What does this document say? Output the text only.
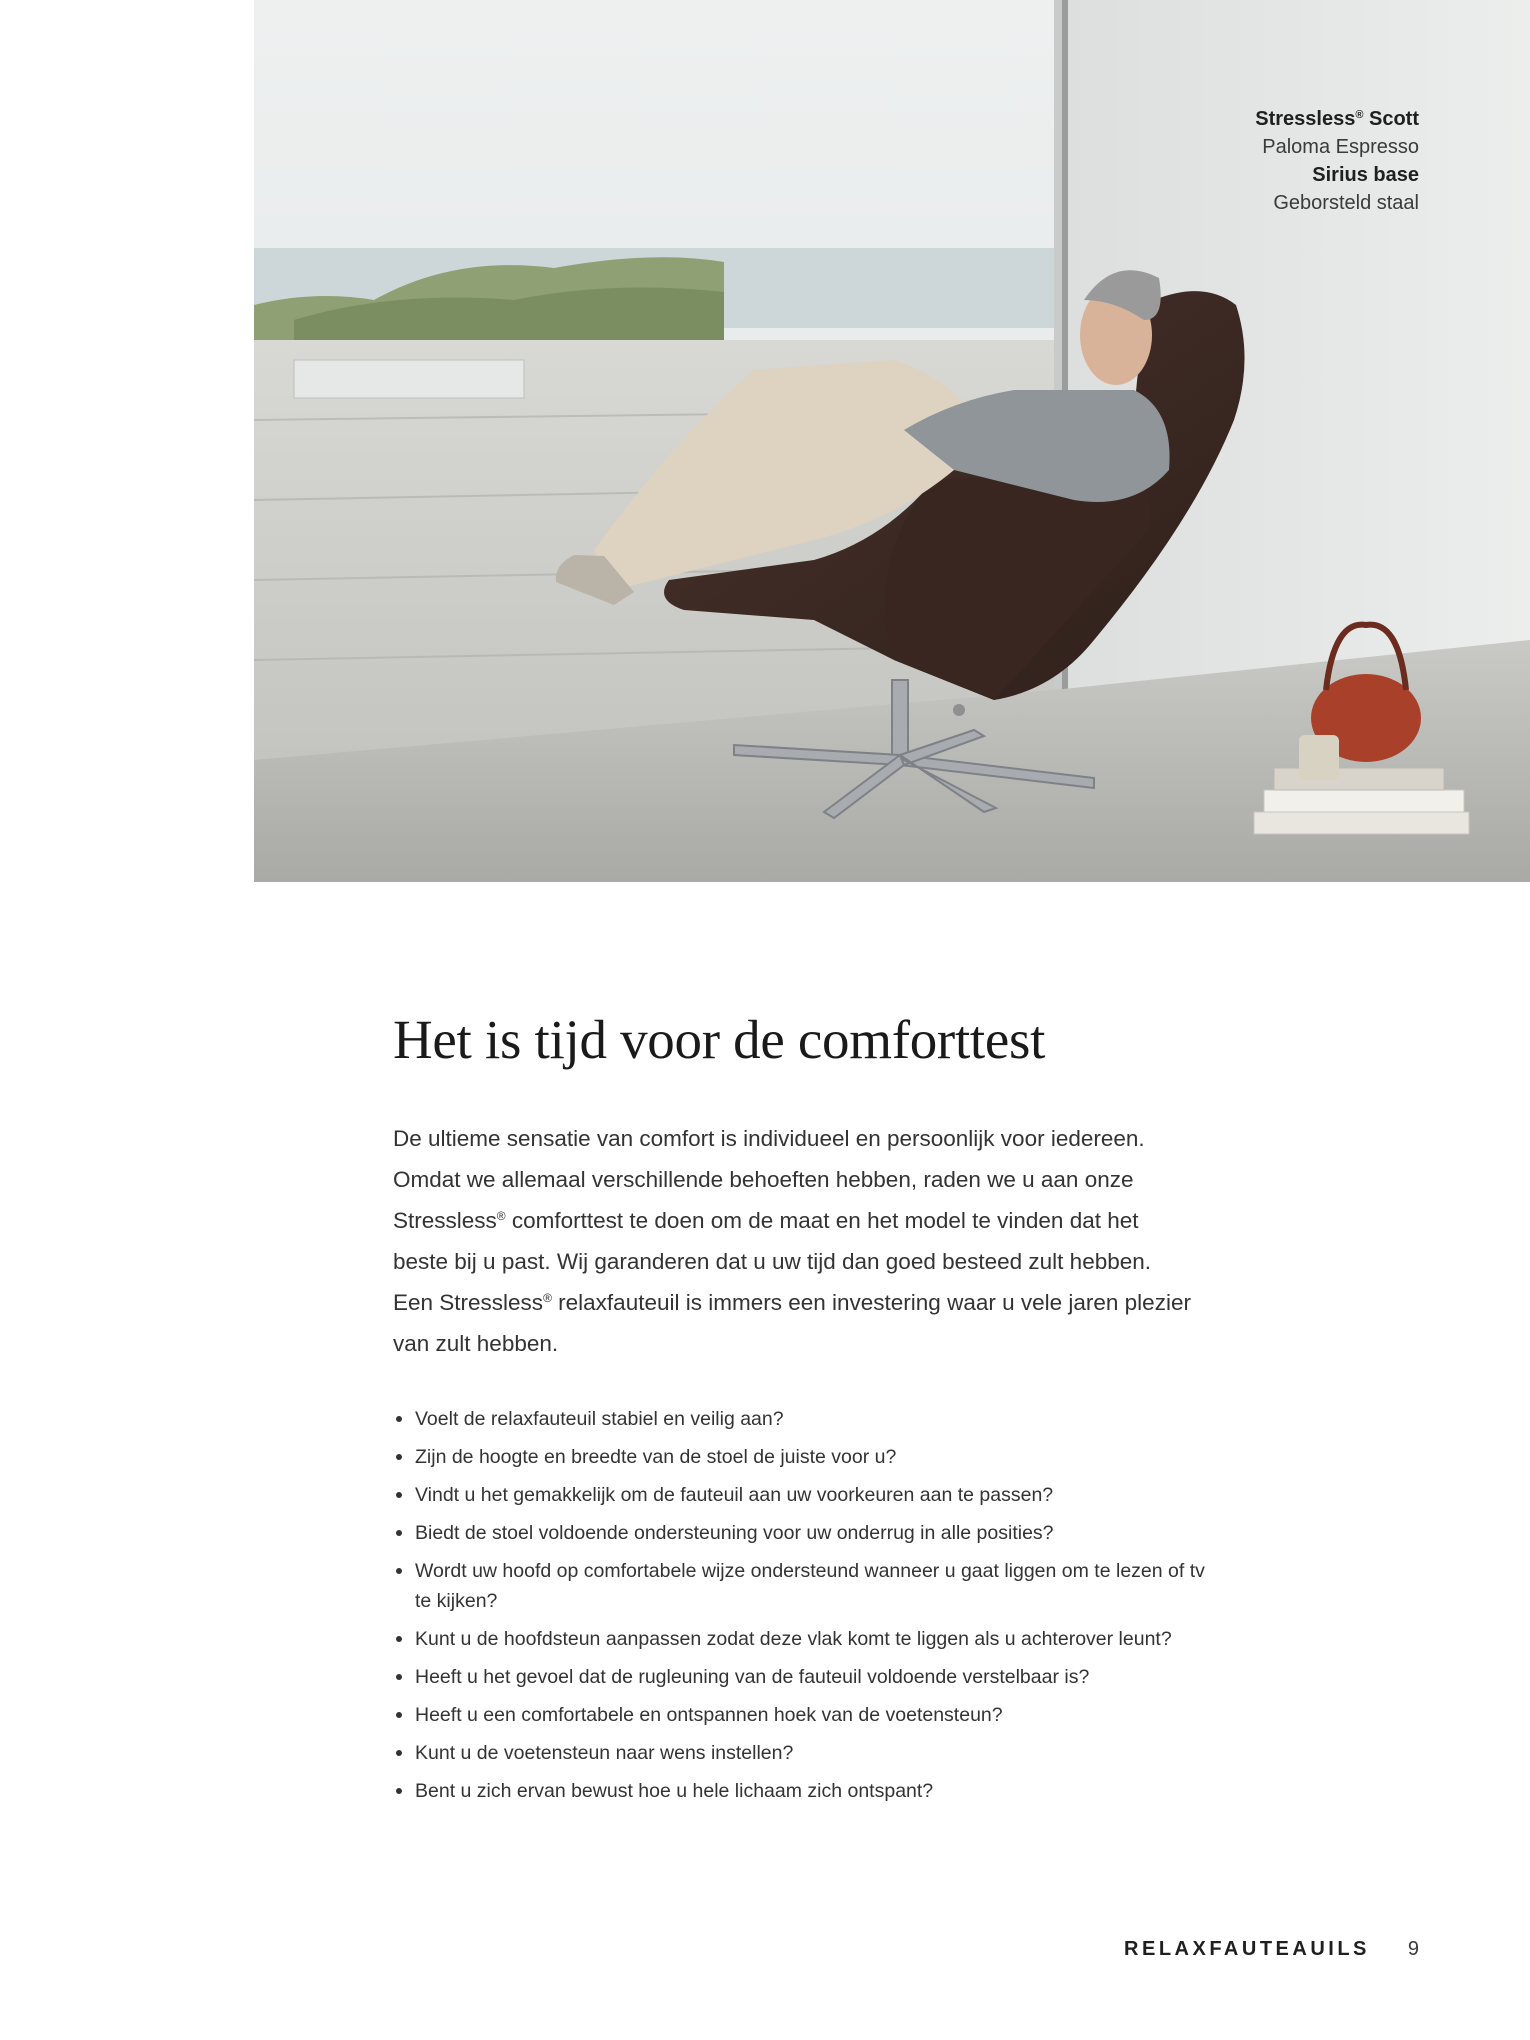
Stressless® Scott
Paloma Espresso
Sirius base
Geborsteld staal
Het is tijd voor de comforttest

De ultieme sensatie van comfort is individueel en persoonlijk voor iedereen. Omdat we allemaal verschillende behoeften hebben, raden we u aan onze Stressless® comforttest te doen om de maat en het model te vinden dat het beste bij u past. Wij garanderen dat u uw tijd dan goed besteed zult hebben. Een Stressless® relaxfauteuil is immers een investering waar u vele jaren plezier van zult hebben.

Voelt de relaxfauteuil stabiel en veilig aan?
Zijn de hoogte en breedte van de stoel de juiste voor u?
Vindt u het gemakkelijk om de fauteuil aan uw voorkeuren aan te passen?
Biedt de stoel voldoende ondersteuning voor uw onderrug in alle posities?
Wordt uw hoofd op comfortabele wijze ondersteund wanneer u gaat liggen om te lezen of tv te kijken?
Kunt u de hoofdsteun aanpassen zodat deze vlak komt te liggen als u achterover leunt?
Heeft u het gevoel dat de rugleuning van de fauteuil voldoende verstelbaar is?
Heeft u een comfortabele en ontspannen hoek van de voetensteun?
Kunt u de voetensteun naar wens instellen?
Bent u zich ervan bewust hoe u hele lichaam zich ontspant?
RELAXFAUTEAUILS 9
